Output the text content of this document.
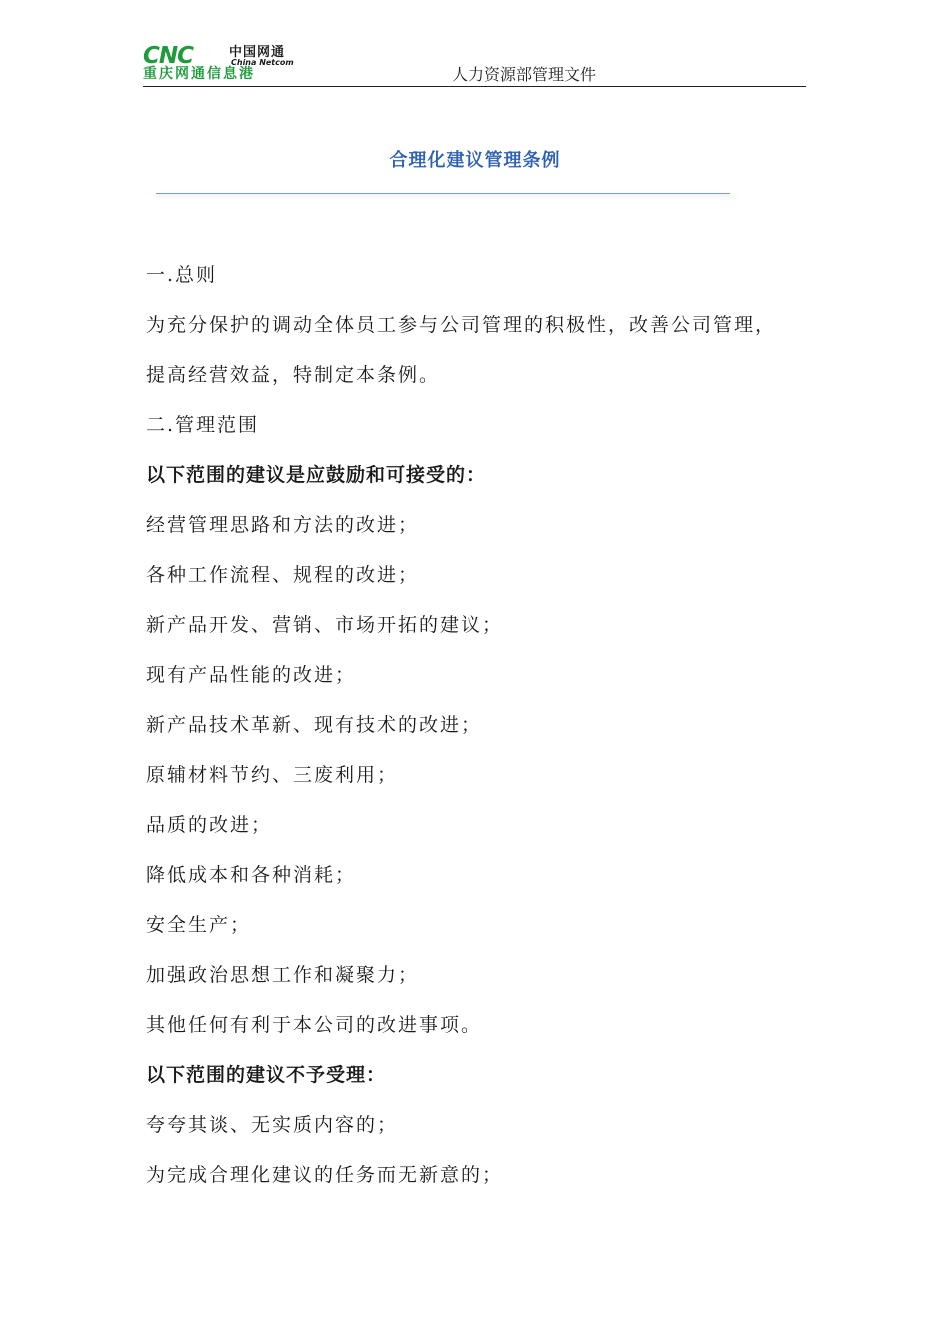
CNC	中国网通
China Netcom
重庆网通信息港	人力资源部管理文件
合理化建议管理条例

一.总则

为充分保护的调动全体员工参与公司管理的积极性，改善公司管理，

提高经营效益，特制定本条例。

二.管理范围

以下范围的建议是应鼓励和可接受的：

经营管理思路和方法的改进；

各种工作流程、规程的改进；

新产品开发、营销、市场开拓的建议；

现有产品性能的改进；

新产品技术革新、现有技术的改进；

原辅材料节约、三废利用；

品质的改进；

降低成本和各种消耗；

安全生产；

加强政治思想工作和凝聚力；

其他任何有利于本公司的改进事项。

以下范围的建议不予受理：

夸夸其谈、无实质内容的；

为完成合理化建议的任务而无新意的；
